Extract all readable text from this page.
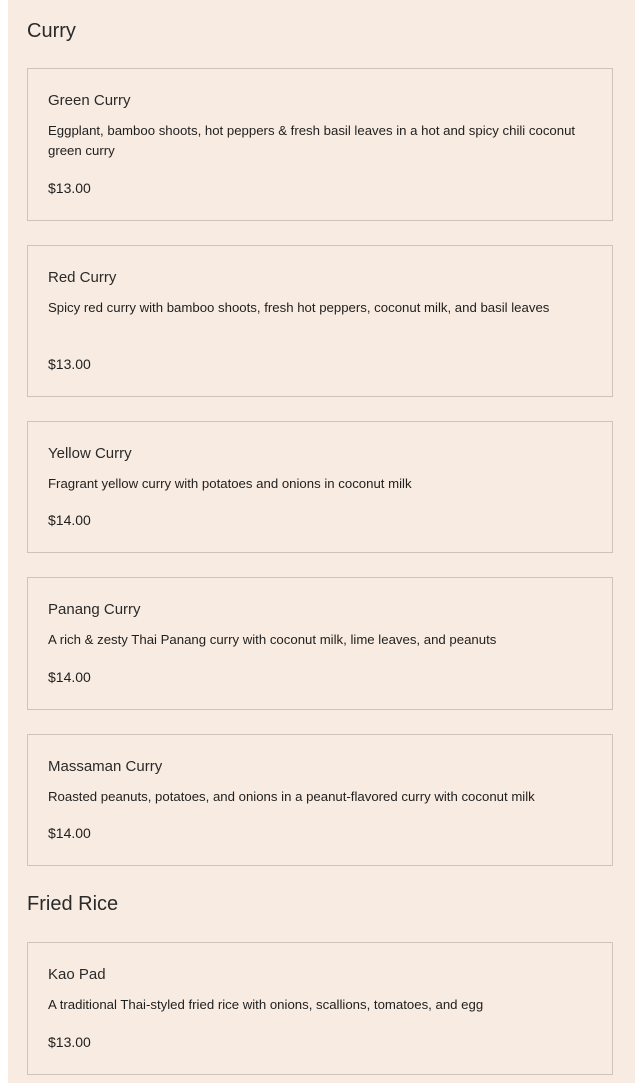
Curry
Green Curry
Eggplant, bamboo shoots, hot peppers & fresh basil leaves in a hot and spicy chili coconut green curry
$13.00
Red Curry
Spicy red curry with bamboo shoots, fresh hot peppers, coconut milk, and basil leaves
$13.00
Yellow Curry
Fragrant yellow curry with potatoes and onions in coconut milk
$14.00
Panang Curry
A rich & zesty Thai Panang curry with coconut milk, lime leaves, and peanuts
$14.00
Massaman Curry
Roasted peanuts, potatoes, and onions in a peanut-flavored curry with coconut milk
$14.00
Fried Rice
Kao Pad
A traditional Thai-styled fried rice with onions, scallions, tomatoes, and egg
$13.00
